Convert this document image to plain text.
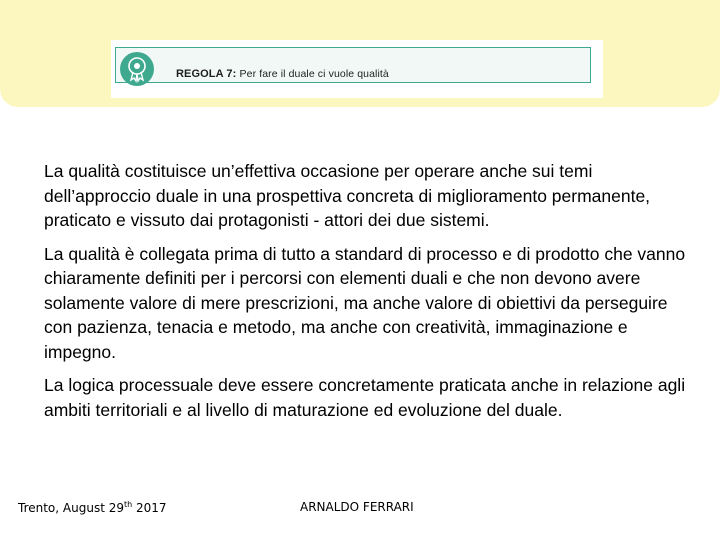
REGOLA 7: Per fare il duale ci vuole qualità

La qualità costituisce un’effettiva occasione per operare anche sui temi dell’approccio duale in una prospettiva concreta di miglioramento permanente, praticato e vissuto dai protagonisti - attori dei due sistemi.

La qualità è collegata prima di tutto a standard di processo e di prodotto che vanno chiaramente definiti per i percorsi con elementi duali e che non devono avere solamente valore di mere prescrizioni, ma anche valore di obiettivi da perseguire con pazienza, tenacia e metodo, ma anche con creatività, immaginazione e impegno.

La logica processuale deve essere concretamente praticata anche in relazione agli ambiti territoriali e al livello di maturazione ed evoluzione del duale.

Trento, August 29th 2017	ARNALDO FERRARI
